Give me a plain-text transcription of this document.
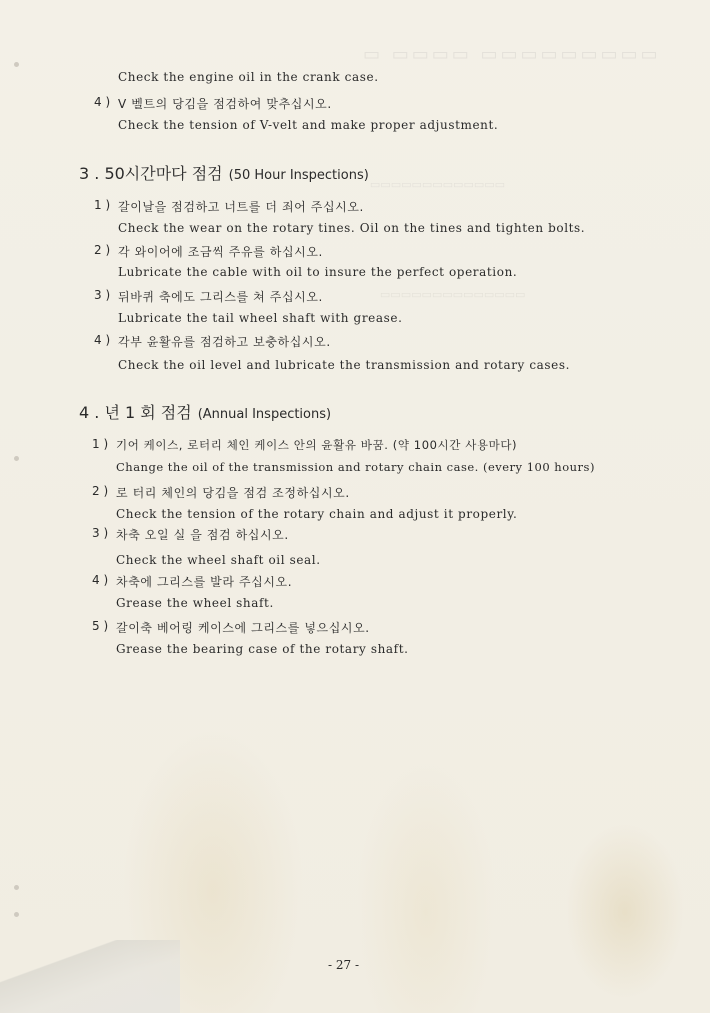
▭▭▭▭▭▭▭▭▭ ▭▭▭▭ ▭
▭▭▭▭▭▭▭▭▭▭▭▭▭
▭▭▭▭▭▭▭▭▭▭▭▭▭▭
Check the engine oil in the crank case.
4 ) V 벨트의 당김을 점검하여 맞추십시오.
Check the tension of V-velt and make proper adjustment.
3 . 50시간마다 점검 (50 Hour Inspections)
1 ) 갈이날을 점검하고 너트를 더 죄어 주십시오.
Check the wear on the rotary tines. Oil on the tines and tighten bolts.
2 ) 각 와이어에 조금씩 주유를 하십시오.
Lubricate the cable with oil to insure the perfect operation.
3 ) 뒤바퀴 축에도 그리스를 쳐 주십시오.
Lubricate the tail wheel shaft with grease.
4 ) 각부 윤활유를 점검하고 보충하십시오.
Check the oil level and lubricate the transmission and rotary cases.
4 . 년 1 회 점검 (Annual Inspections)
1 ) 기어 케이스, 로터리 체인 케이스 안의 윤활유 바꿈. (약 100시간 사용마다)
Change the oil of the transmission and rotary chain case. (every 100 hours)
2 ) 로 터리 체인의 당김을 점검 조정하십시오.
Check the tension of the rotary chain and adjust it properly.
3 ) 차축 오일 실 을 점검 하십시오.
Check the wheel shaft oil seal.
4 ) 차축에 그리스를 발라 주십시오.
Grease the wheel shaft.
5 ) 갈이축 베어링 케이스에 그리스를 넣으십시오.
Grease the bearing case of the rotary shaft.
- 27 -
